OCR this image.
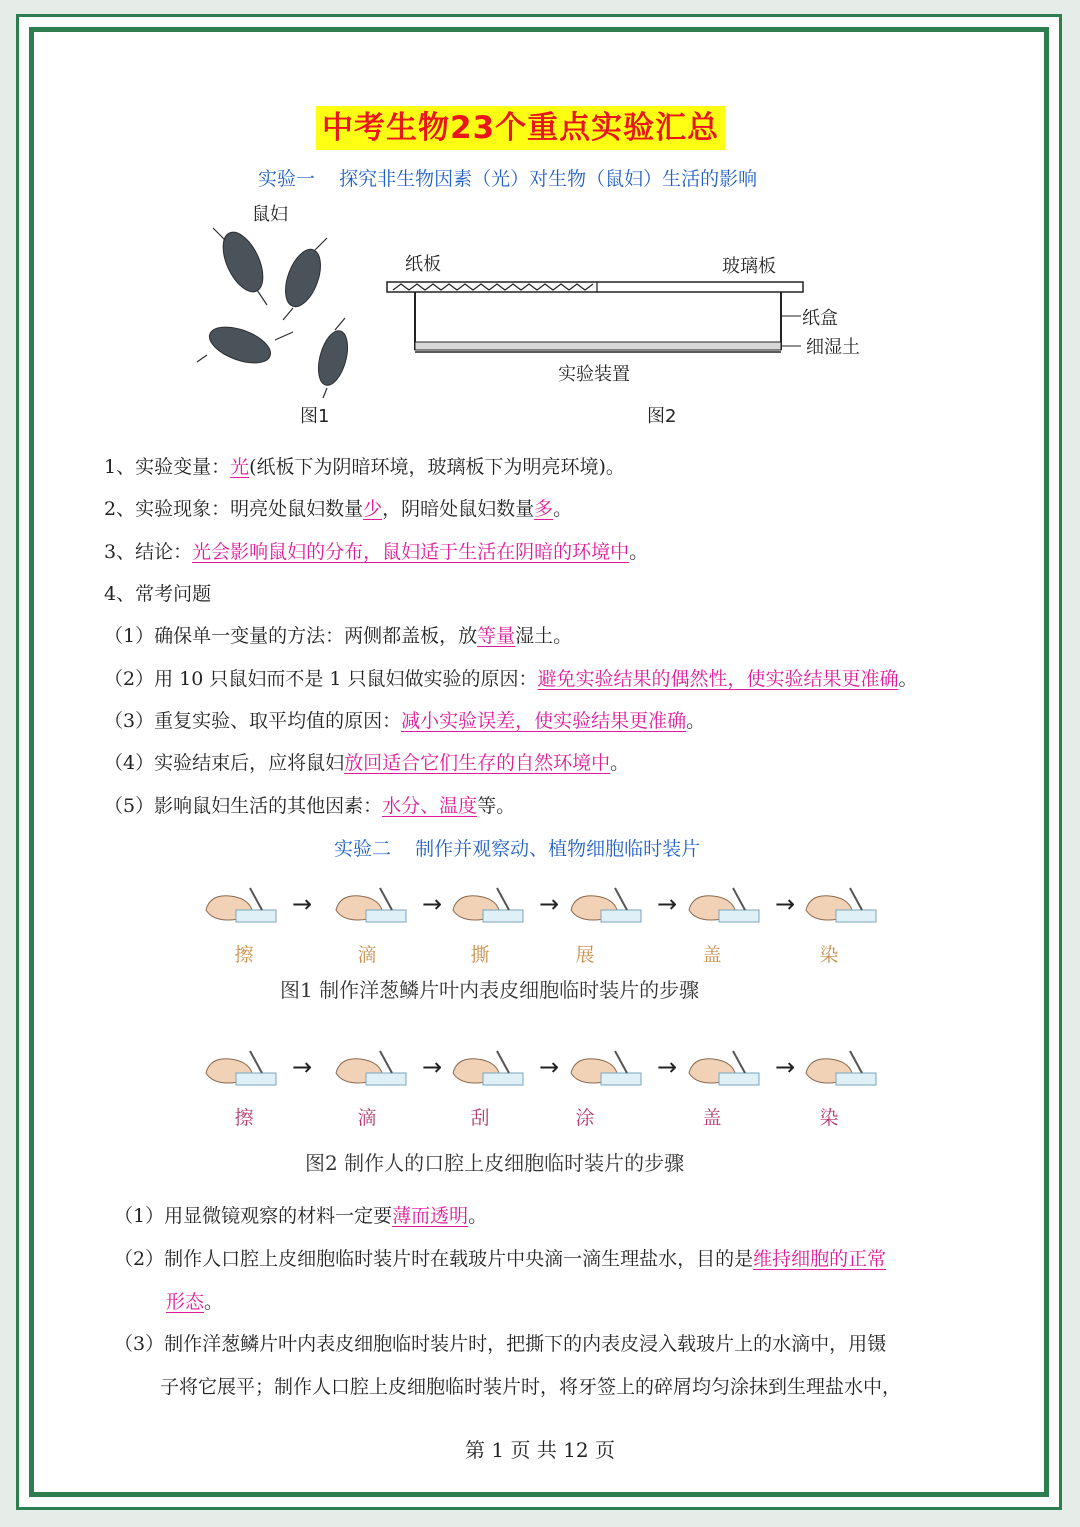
中考生物23个重点实验汇总
实验一    探究非生物因素（光）对生物（鼠妇）生活的影响
鼠妇
图1
纸板	玻璃板
纸盒
细湿土
实验装置
图2
1、实验变量：光(纸板下为阴暗环境，玻璃板下为明亮环境)。
2、实验现象：明亮处鼠妇数量少，阴暗处鼠妇数量多。
3、结论：光会影响鼠妇的分布，鼠妇适于生活在阴暗的环境中。
4、常考问题
（1）确保单一变量的方法：两侧都盖板，放等量湿土。
（2）用 10 只鼠妇而不是 1 只鼠妇做实验的原因：避免实验结果的偶然性，使实验结果更准确。
（3）重复实验、取平均值的原因：减小实验误差，使实验结果更准确。
（4）实验结束后，应将鼠妇放回适合它们生存的自然环境中。
（5）影响鼠妇生活的其他因素：水分、温度等。
实验二    制作并观察动、植物细胞临时装片
→
擦
→
滴
→
撕
→
展
→
盖	染
图1 制作洋葱鳞片叶内表皮细胞临时装片的步骤
→
擦
→
滴
→
刮
→
涂
→
盖	染
图2 制作人的口腔上皮细胞临时装片的步骤
（1）用显微镜观察的材料一定要薄而透明。
（2）制作人口腔上皮细胞临时装片时在载玻片中央滴一滴生理盐水，目的是维持细胞的正常
形态。
（3）制作洋葱鳞片叶内表皮细胞临时装片时，把撕下的内表皮浸入载玻片上的水滴中，用镊
子将它展平；制作人口腔上皮细胞临时装片时，将牙签上的碎屑均匀涂抹到生理盐水中，
第 1 页 共 12 页
